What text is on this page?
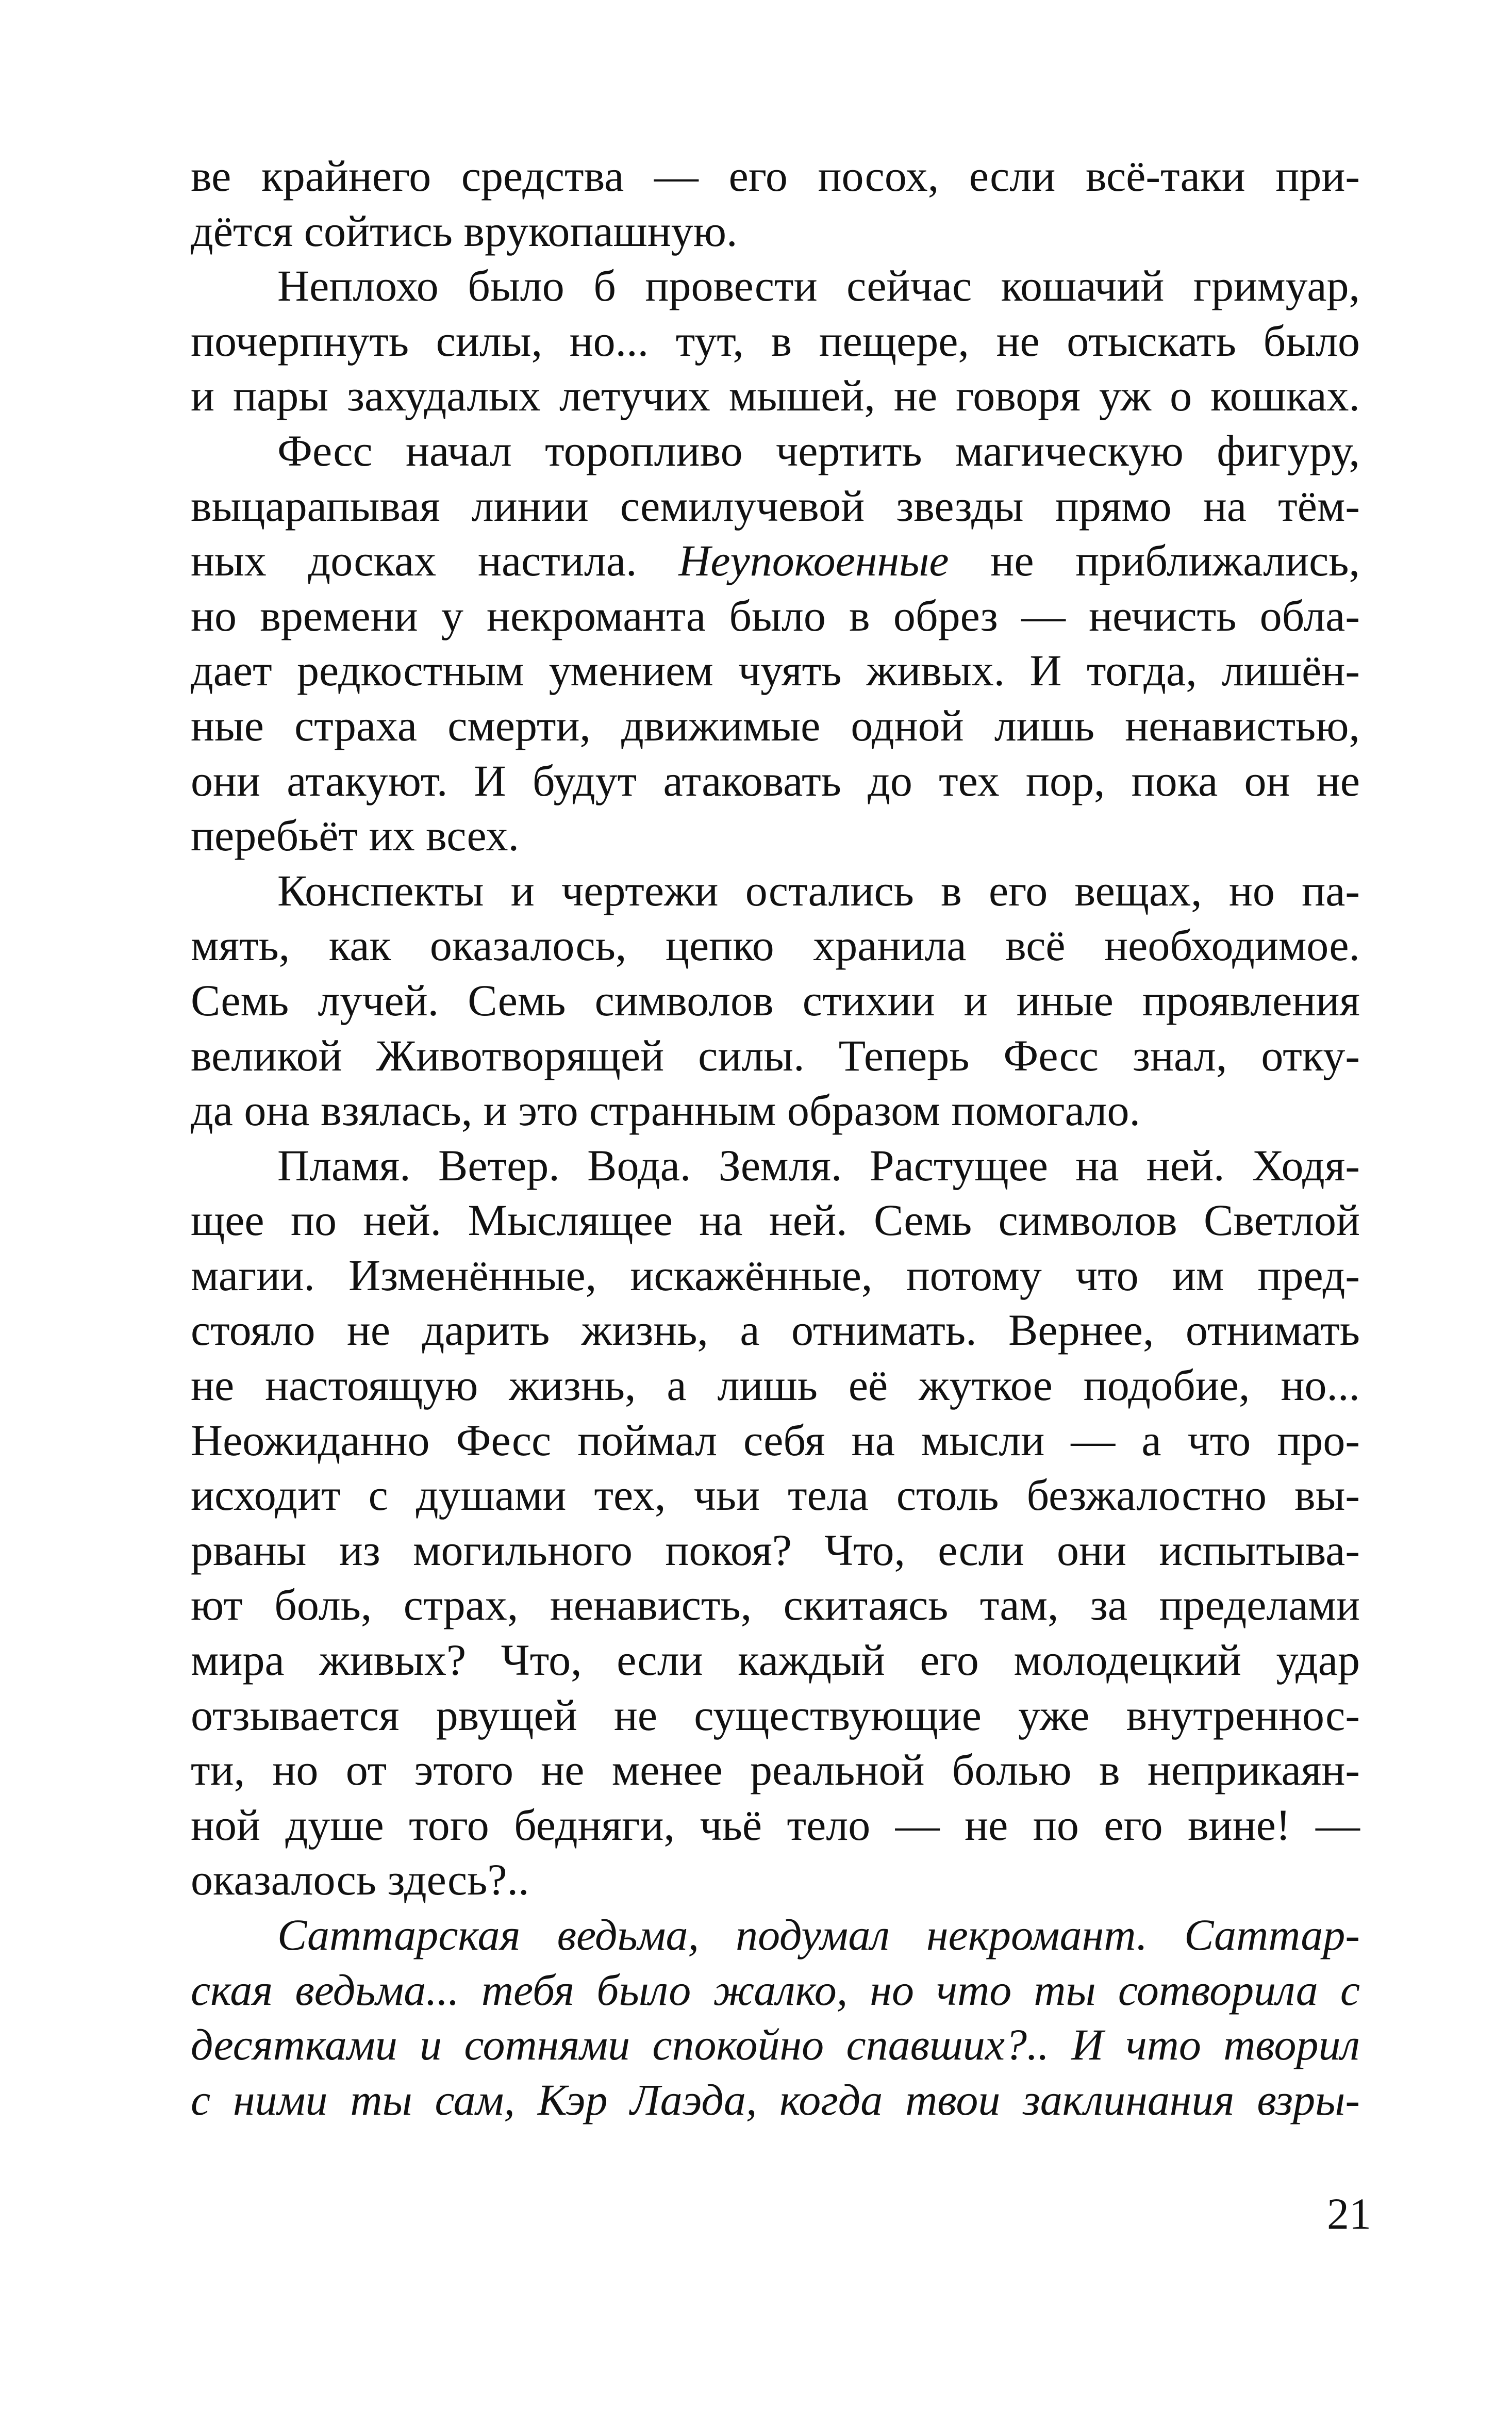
ве крайнего средства — его посох, если всё-таки при-
дётся сойтись врукопашную.
Неплохо было б провести сейчас кошачий гримуар,
почерпнуть силы, но... тут, в пещере, не отыскать было
и пары захудалых летучих мышей, не говоря уж о кошках.
Фесс начал торопливо чертить магическую фигуру,
выцарапывая линии семилучевой звезды прямо на тём-
ных досках настила. Неупокоенные не приближались,
но времени у некроманта было в обрез — нечисть обла-
дает редкостным умением чуять живых. И тогда, лишён-
ные страха смерти, движимые одной лишь ненавистью,
они атакуют. И будут атаковать до тех пор, пока он не
перебьёт их всех.
Конспекты и чертежи остались в его вещах, но па-
мять, как оказалось, цепко хранила всё необходимое.
Семь лучей. Семь символов стихии и иные проявления
великой Животворящей силы. Теперь Фесс знал, отку-
да она взялась, и это странным образом помогало.
Пламя. Ветер. Вода. Земля. Растущее на ней. Ходя-
щее по ней. Мыслящее на ней. Семь символов Светлой
магии. Изменённые, искажённые, потому что им пред-
стояло не дарить жизнь, а отнимать. Вернее, отнимать
не настоящую жизнь, а лишь её жуткое подобие, но...
Неожиданно Фесс поймал себя на мысли — а что про-
исходит с душами тех, чьи тела столь безжалостно вы-
рваны из могильного покоя? Что, если они испытыва-
ют боль, страх, ненависть, скитаясь там, за пределами
мира живых? Что, если каждый его молодецкий удар
отзывается рвущей не существующие уже внутреннос-
ти, но от этого не менее реальной болью в неприкаян-
ной душе того бедняги, чьё тело — не по его вине! —
оказалось здесь?..
Саттарская ведьма, подумал некромант. Саттар-
ская ведьма... тебя было жалко, но что ты сотворила с
десятками и сотнями спокойно спавших?.. И что творил
с ними ты сам, Кэр Лаэда, когда твои заклинания взры-
21
